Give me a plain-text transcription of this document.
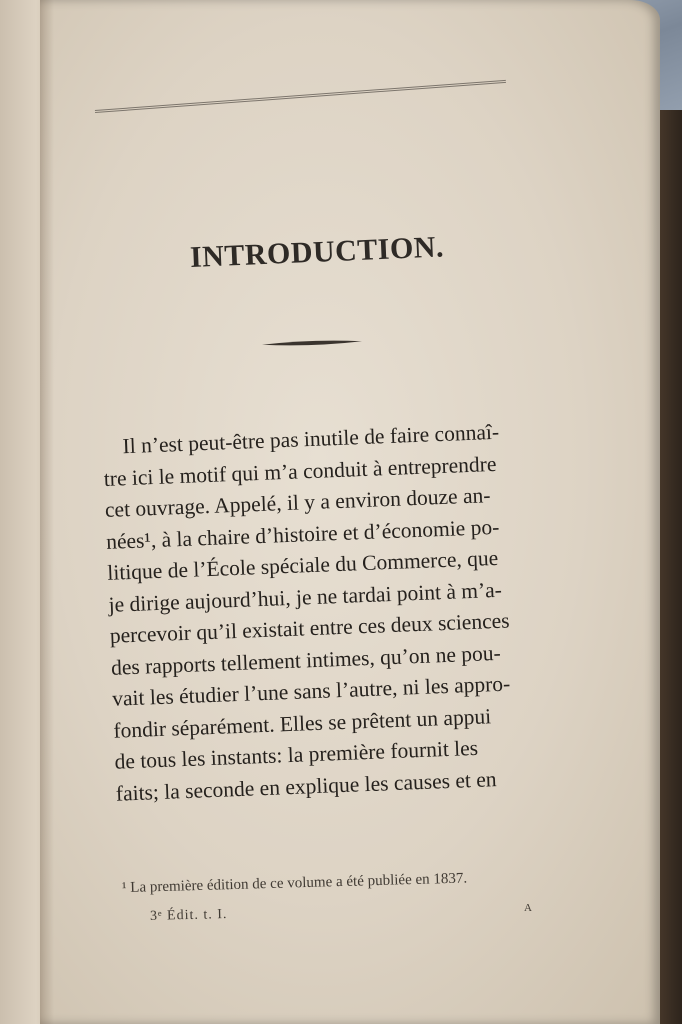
INTRODUCTION.
Il n’est peut-être pas inutile de faire connaî-
tre ici le motif qui m’a conduit à entreprendre
cet ouvrage. Appelé, il y a environ douze an-
nées¹, à la chaire d’histoire et d’économie po-
litique de l’École spéciale du Commerce, que
je dirige aujourd’hui, je ne tardai point à m’a-
percevoir qu’il existait entre ces deux sciences
des rapports tellement intimes, qu’on ne pou-
vait les étudier l’une sans l’autre, ni les appro-
fondir séparément. Elles se prêtent un appui
de tous les instants: la première fournit les
faits; la seconde en explique les causes et en
¹ La première édition de ce volume a été publiée en 1837.
3ᵉ Édit. t. I.	A
